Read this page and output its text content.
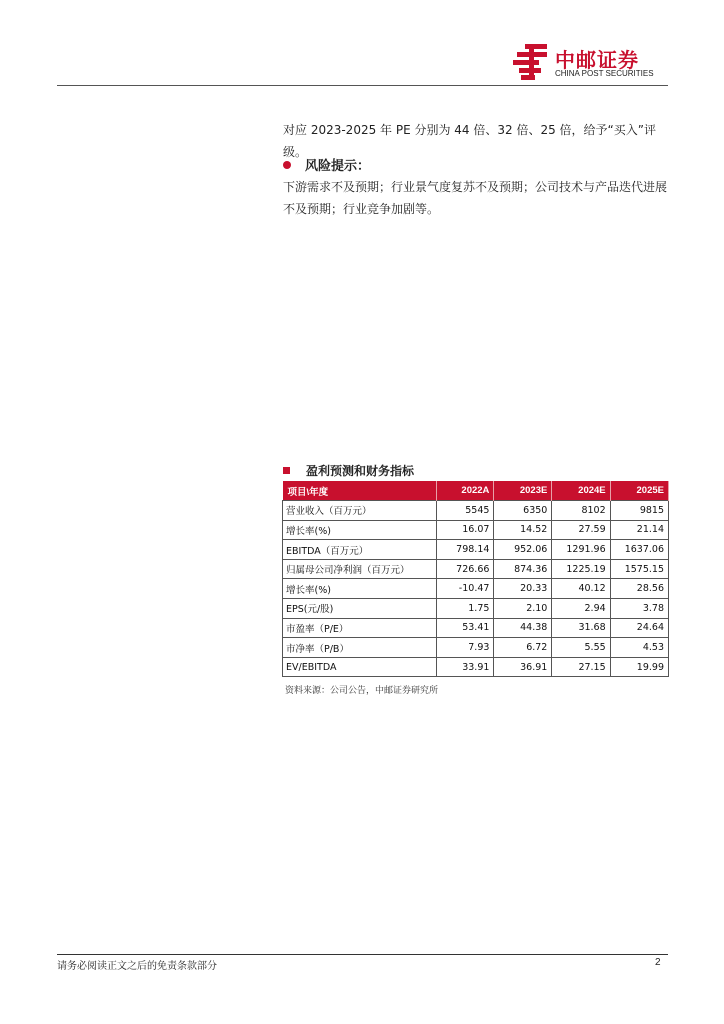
中邮证券
CHINA POST SECURITIES
对应 2023-2025 年 PE 分别为 44 倍、32 倍、25 倍，给予“买入”评级。
风险提示：
下游需求不及预期；行业景气度复苏不及预期；公司技术与产品迭代进展不及预期；行业竞争加剧等。
盈利预测和财务指标
项目\年度	2022A	2023E	2024E	2025E
营业收入（百万元）	5545	6350	8102	9815
增长率(%)	16.07	14.52	27.59	21.14
EBITDA（百万元）	798.14	952.06	1291.96	1637.06
归属母公司净利润（百万元）	726.66	874.36	1225.19	1575.15
增长率(%)	-10.47	20.33	40.12	28.56
EPS(元/股)	1.75	2.10	2.94	3.78
市盈率（P/E）	53.41	44.38	31.68	24.64
市净率（P/B）	7.93	6.72	5.55	4.53
EV/EBITDA	33.91	36.91	27.15	19.99
资料来源：公司公告，中邮证券研究所
请务必阅读正文之后的免责条款部分	2
